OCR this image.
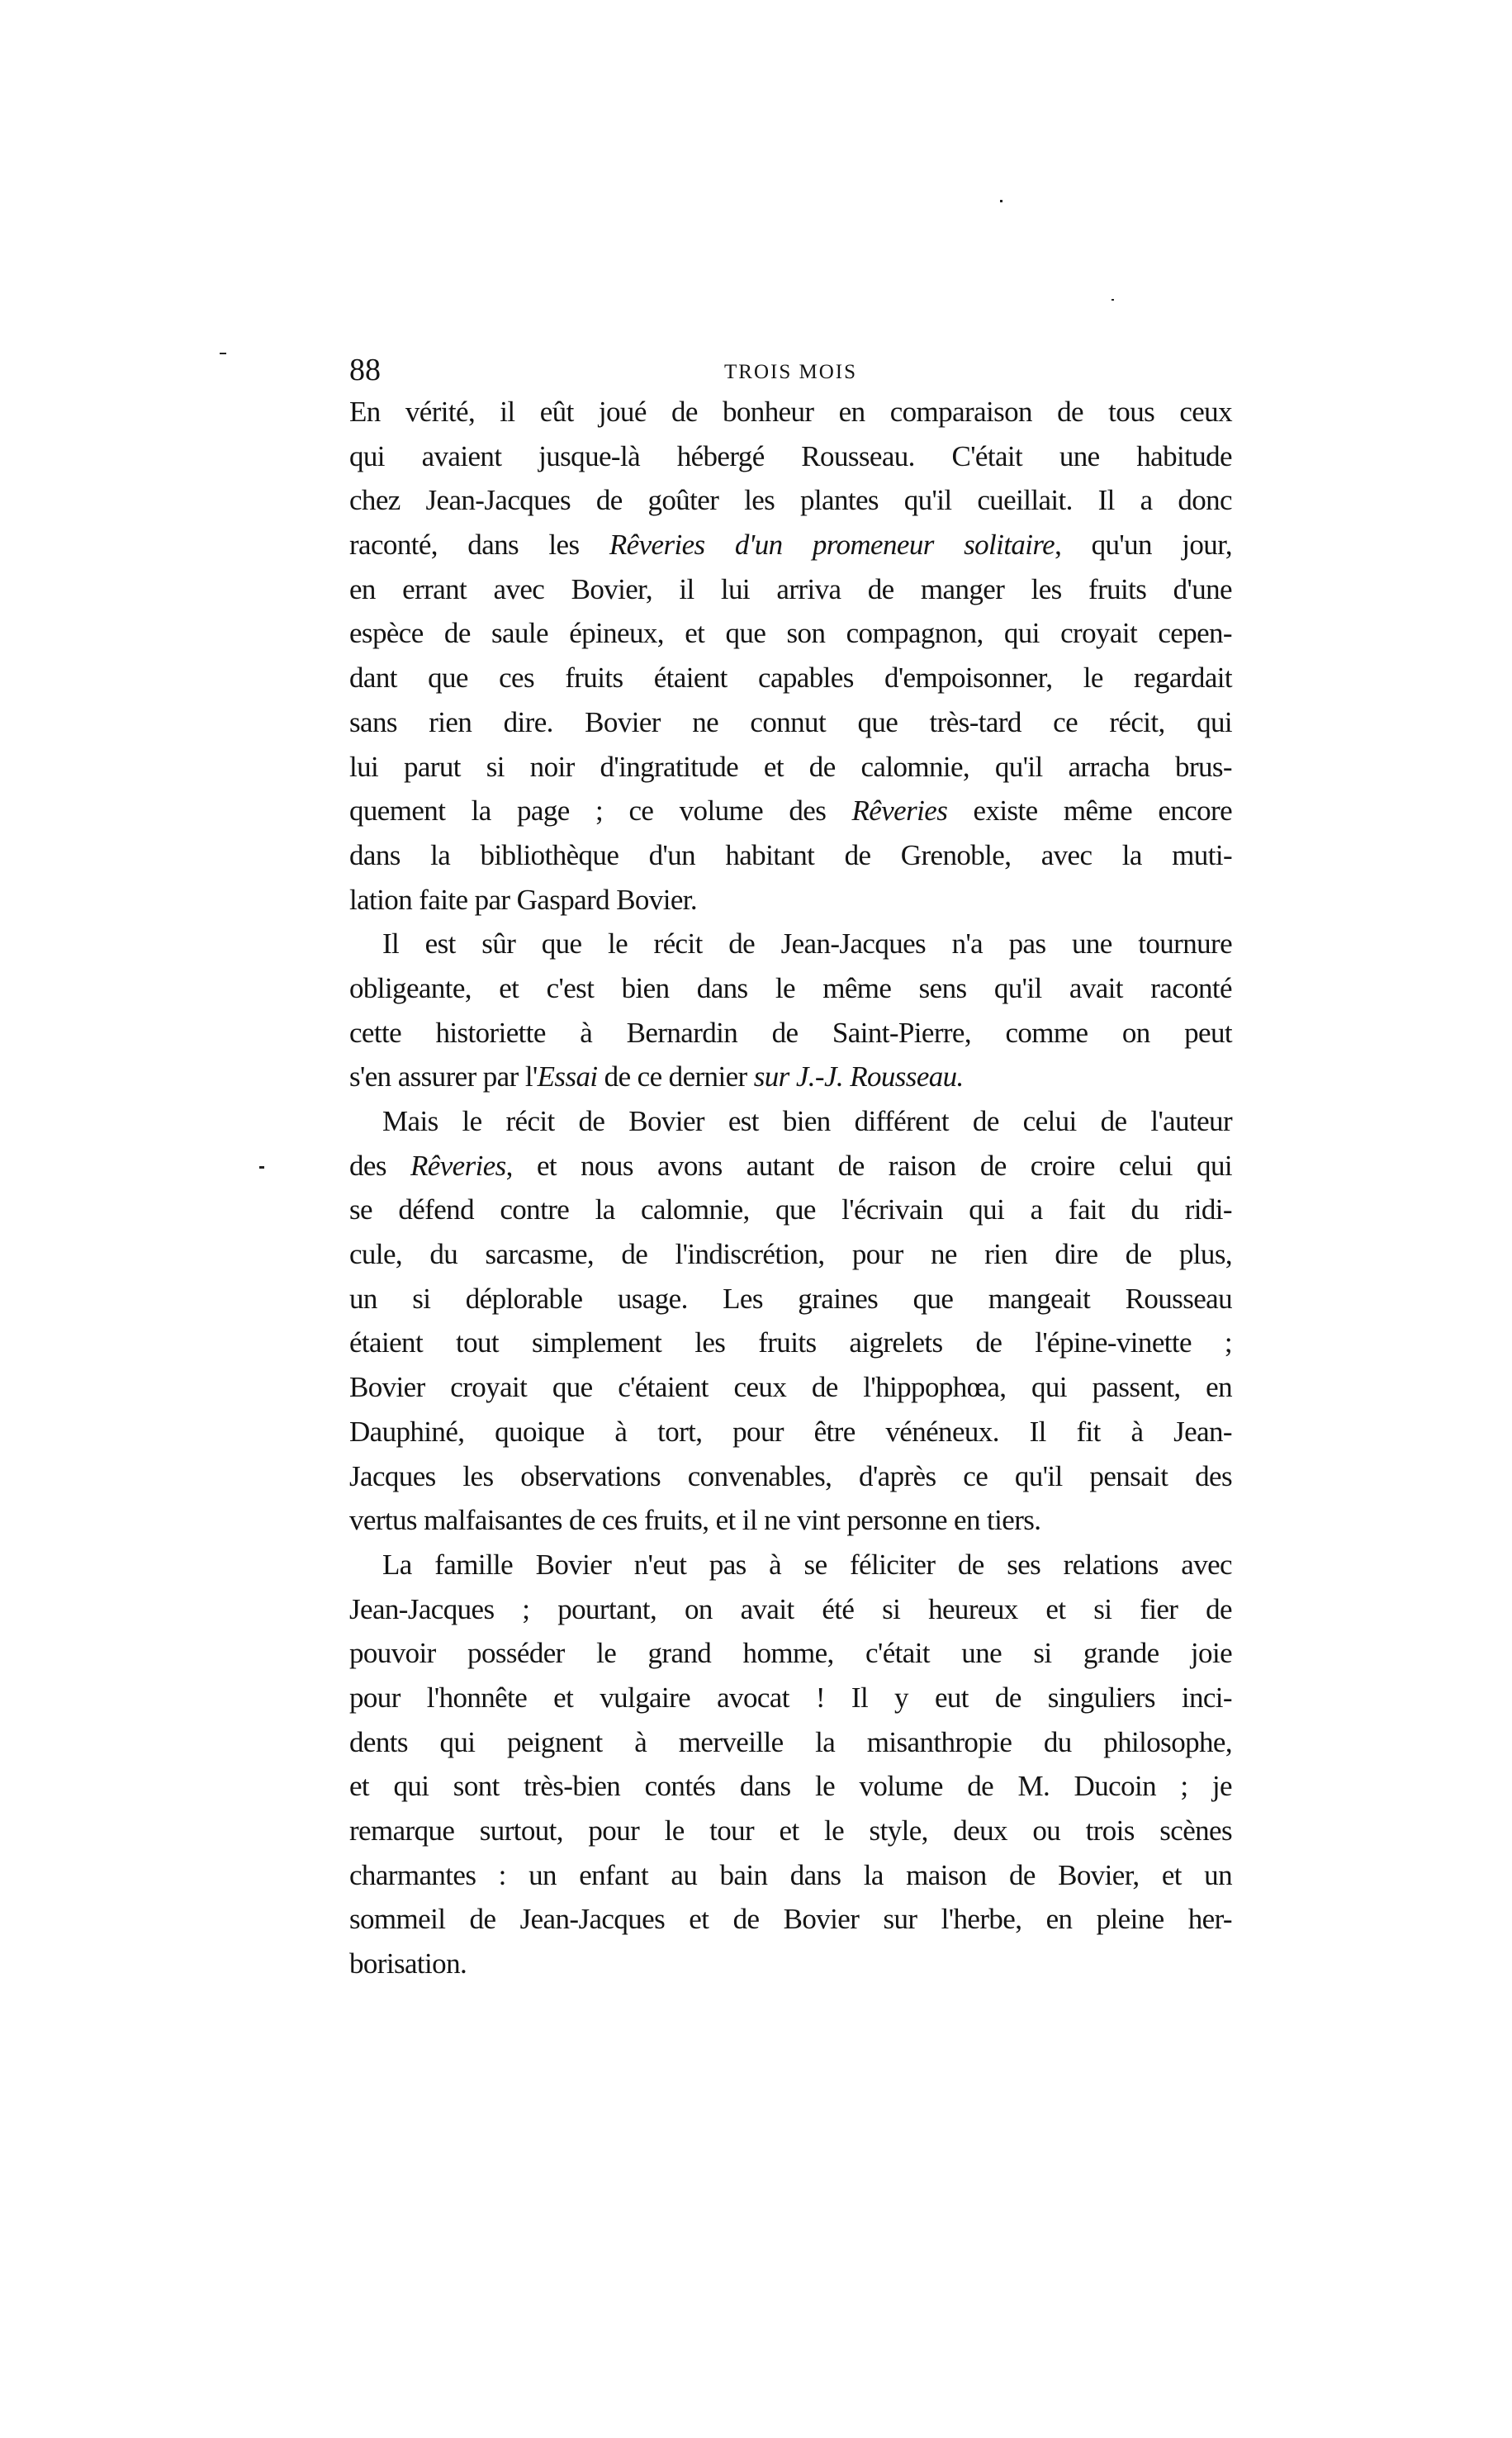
88	TROIS MOIS
En vérité, il eût joué de bonheur en comparaison de tous ceux
qui avaient jusque-là hébergé Rousseau. C'était une habitude
chez Jean-Jacques de goûter les plantes qu'il cueillait. Il a donc
raconté, dans les Rêveries d'un promeneur solitaire, qu'un jour,
en errant avec Bovier, il lui arriva de manger les fruits d'une
espèce de saule épineux, et que son compagnon, qui croyait cepen-
dant que ces fruits étaient capables d'empoisonner, le regardait
sans rien dire. Bovier ne connut que très-tard ce récit, qui
lui parut si noir d'ingratitude et de calomnie, qu'il arracha brus-
quement la page ; ce volume des Rêveries existe même encore
dans la bibliothèque d'un habitant de Grenoble, avec la muti-
lation faite par Gaspard Bovier.
Il est sûr que le récit de Jean-Jacques n'a pas une tournure
obligeante, et c'est bien dans le même sens qu'il avait raconté
cette historiette à Bernardin de Saint-Pierre, comme on peut
s'en assurer par l'Essai de ce dernier sur J.-J. Rousseau.
Mais le récit de Bovier est bien différent de celui de l'auteur
des Rêveries, et nous avons autant de raison de croire celui qui
se défend contre la calomnie, que l'écrivain qui a fait du ridi-
cule, du sarcasme, de l'indiscrétion, pour ne rien dire de plus,
un si déplorable usage. Les graines que mangeait Rousseau
étaient tout simplement les fruits aigrelets de l'épine-vinette ;
Bovier croyait que c'étaient ceux de l'hippophœa, qui passent, en
Dauphiné, quoique à tort, pour être vénéneux. Il fit à Jean-
Jacques les observations convenables, d'après ce qu'il pensait des
vertus malfaisantes de ces fruits, et il ne vint personne en tiers.
La famille Bovier n'eut pas à se féliciter de ses relations avec
Jean-Jacques ; pourtant, on avait été si heureux et si fier de
pouvoir posséder le grand homme, c'était une si grande joie
pour l'honnête et vulgaire avocat ! Il y eut de singuliers inci-
dents qui peignent à merveille la misanthropie du philosophe,
et qui sont très-bien contés dans le volume de M. Ducoin ; je
remarque surtout, pour le tour et le style, deux ou trois scènes
charmantes : un enfant au bain dans la maison de Bovier, et un
sommeil de Jean-Jacques et de Bovier sur l'herbe, en pleine her-
borisation.
